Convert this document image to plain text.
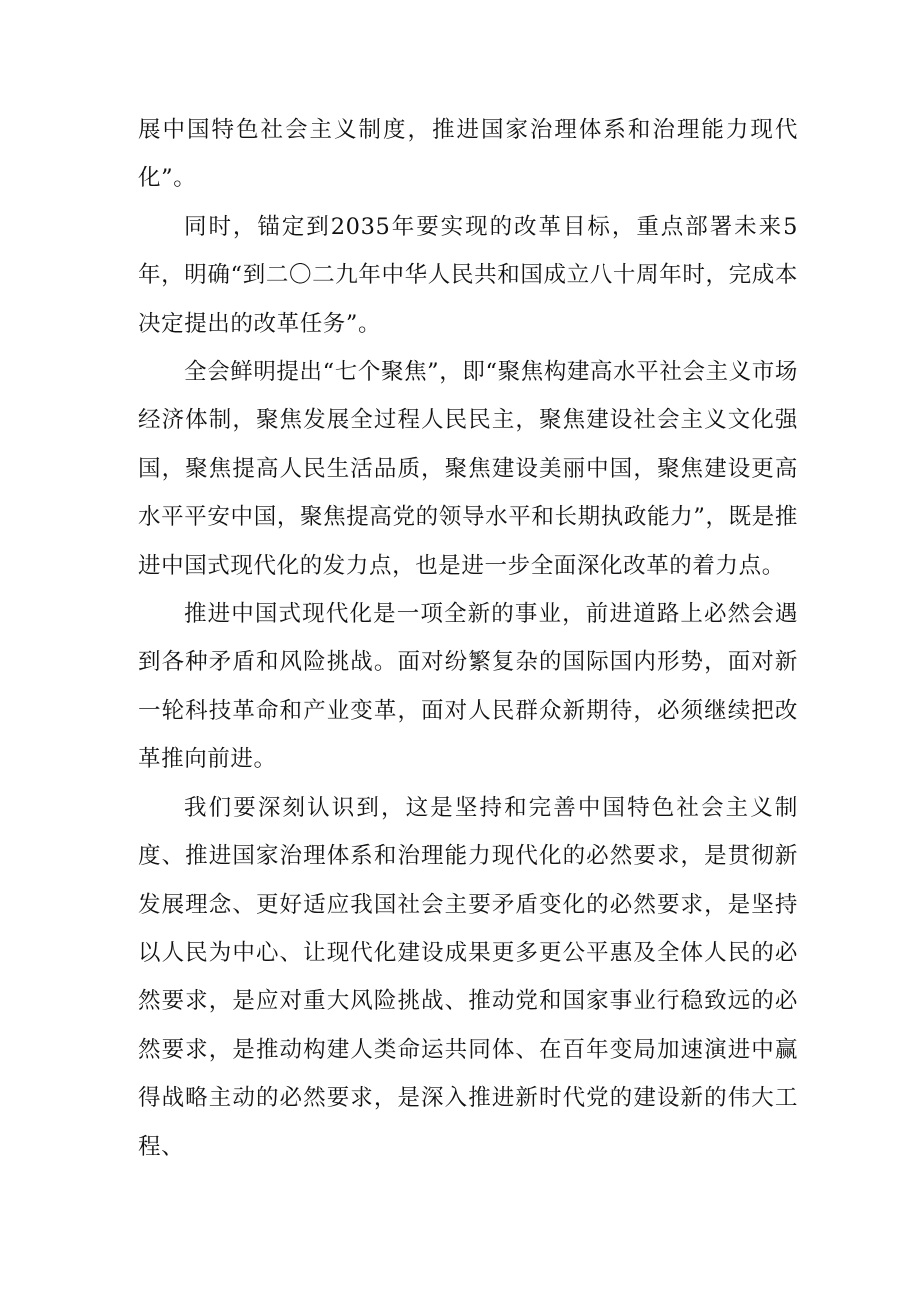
展中国特色社会主义制度，推进国家治理体系和治理能力现代化”。

同时，锚定到2035年要实现的改革目标，重点部署未来5年，明确“到二〇二九年中华人民共和国成立八十周年时，完成本决定提出的改革任务”。

全会鲜明提出“七个聚焦”，即“聚焦构建高水平社会主义市场经济体制，聚焦发展全过程人民民主，聚焦建设社会主义文化强国，聚焦提高人民生活品质，聚焦建设美丽中国，聚焦建设更高水平平安中国，聚焦提高党的领导水平和长期执政能力”，既是推进中国式现代化的发力点，也是进一步全面深化改革的着力点。

推进中国式现代化是一项全新的事业，前进道路上必然会遇到各种矛盾和风险挑战。面对纷繁复杂的国际国内形势，面对新一轮科技革命和产业变革，面对人民群众新期待，必须继续把改革推向前进。

我们要深刻认识到，这是坚持和完善中国特色社会主义制度、推进国家治理体系和治理能力现代化的必然要求，是贯彻新发展理念、更好适应我国社会主要矛盾变化的必然要求，是坚持以人民为中心、让现代化建设成果更多更公平惠及全体人民的必然要求，是应对重大风险挑战、推动党和国家事业行稳致远的必然要求，是推动构建人类命运共同体、在百年变局加速演进中赢得战略主动的必然要求，是深入推进新时代党的建设新的伟大工程、
